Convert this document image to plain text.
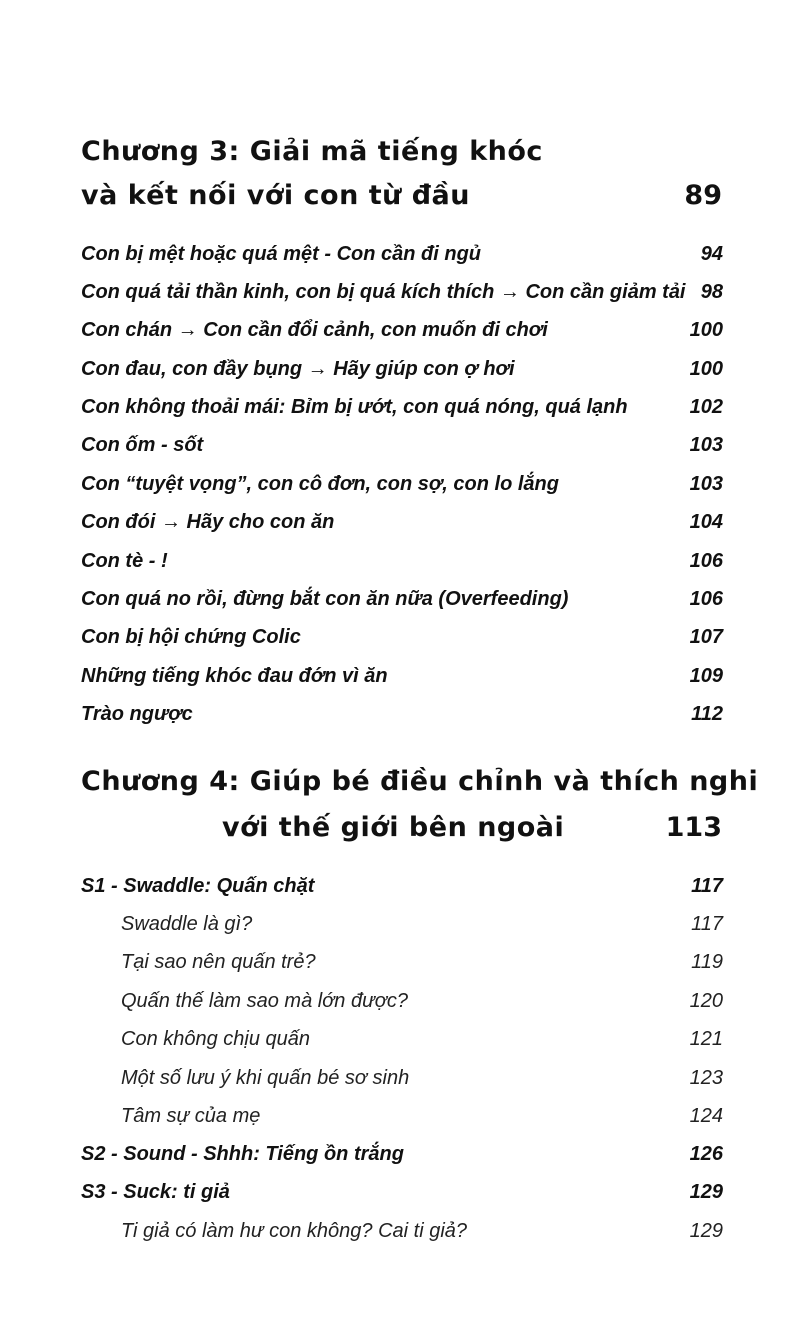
Chương 3: Giải mã tiếng khóc
và kết nối với con từ đầu	89
Con bị mệt hoặc quá mệt - Con cần đi ngủ	94
Con quá tải thần kinh, con bị quá kích thích → Con cần giảm tải 98
Con chán → Con cần đổi cảnh, con muốn đi chơi	100
Con đau, con đầy bụng → Hãy giúp con ợ hơi	100
Con không thoải mái: Bỉm bị ướt, con quá nóng, quá lạnh	102
Con ốm - sốt	103
Con “tuyệt vọng”, con cô đơn, con sợ, con lo lắng	103
Con đói → Hãy cho con ăn	104
Con tè - !	106
Con quá no rồi, đừng bắt con ăn nữa (Overfeeding)	106
Con bị hội chứng Colic	107
Những tiếng khóc đau đớn vì ăn	109
Trào ngược	112
Chương 4: Giúp bé điều chỉnh và thích nghi
với thế giới bên ngoài	113
S1 - Swaddle: Quấn chặt	117
Swaddle là gì?	117
Tại sao nên quấn trẻ?	119
Quấn thế làm sao mà lớn được?	120
Con không chịu quấn	121
Một số lưu ý khi quấn bé sơ sinh	123
Tâm sự của mẹ	124
S2 - Sound - Shhh: Tiếng ồn trắng	126
S3 - Suck: ti giả	129
Ti giả có làm hư con không? Cai ti giả?	129
